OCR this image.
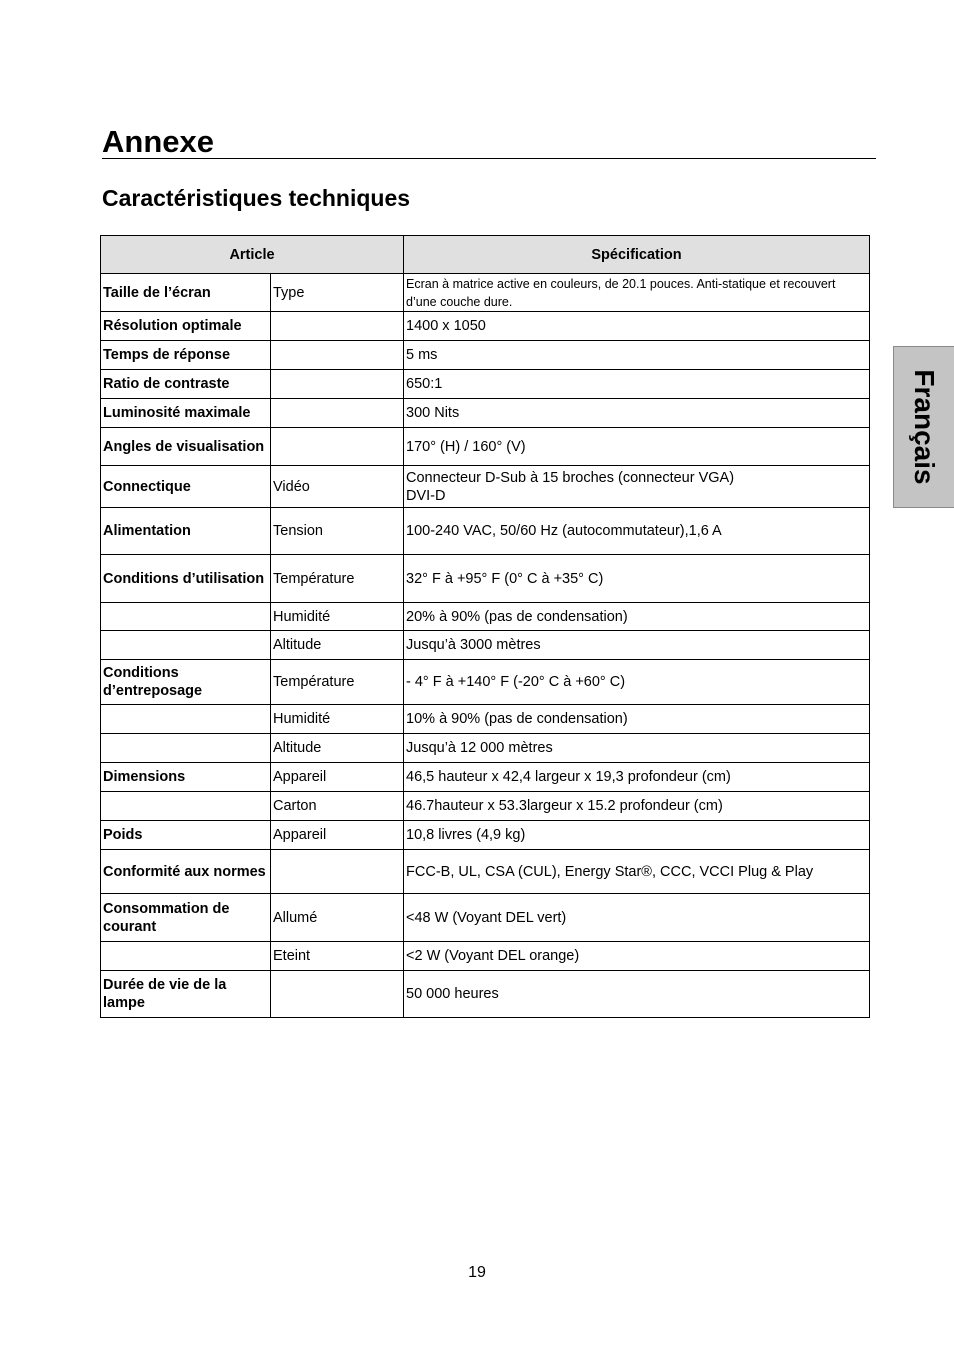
Annexe
Caractéristiques techniques
Français
Article		Spécification
Taille de l’écran	Type	Ecran à matrice active en couleurs, de 20.1 pouces. Anti-statique et recouvert d’une couche dure.
Résolution optimale		1400 x 1050
Temps de réponse		5 ms
Ratio de contraste		650:1
Luminosité maximale		300 Nits
Angles de visualisation		170° (H) / 160° (V)
Connectique	Vidéo	Connecteur D-Sub à 15 broches (connecteur VGA)
DVI-D

Alimentation	Tension	100-240 VAC, 50/60 Hz (autocommutateur),1,6 A
Conditions d’utilisation	Température	32° F à +95° F (0° C à +35° C)
	Humidité	20% à 90% (pas de condensation)
	Altitude	Jusqu’à 3000 mètres
Conditions d’entreposage	Température	- 4° F à +140° F (-20° C à +60° C)
	Humidité	10% à 90% (pas de condensation)
	Altitude	Jusqu’à 12 000 mètres
Dimensions	Appareil	46,5 hauteur x 42,4 largeur x 19,3 profondeur (cm)
	Carton	46.7hauteur x 53.3largeur x 15.2 profondeur (cm)
Poids	Appareil	10,8 livres (4,9 kg)
Conformité aux normes		FCC-B, UL, CSA (CUL), Energy Star®, CCC, VCCI Plug & Play
Consommation de courant	Allumé	<48 W (Voyant DEL vert)
	Eteint	<2 W (Voyant DEL orange)
Durée de vie de la lampe		50 000 heures
19
